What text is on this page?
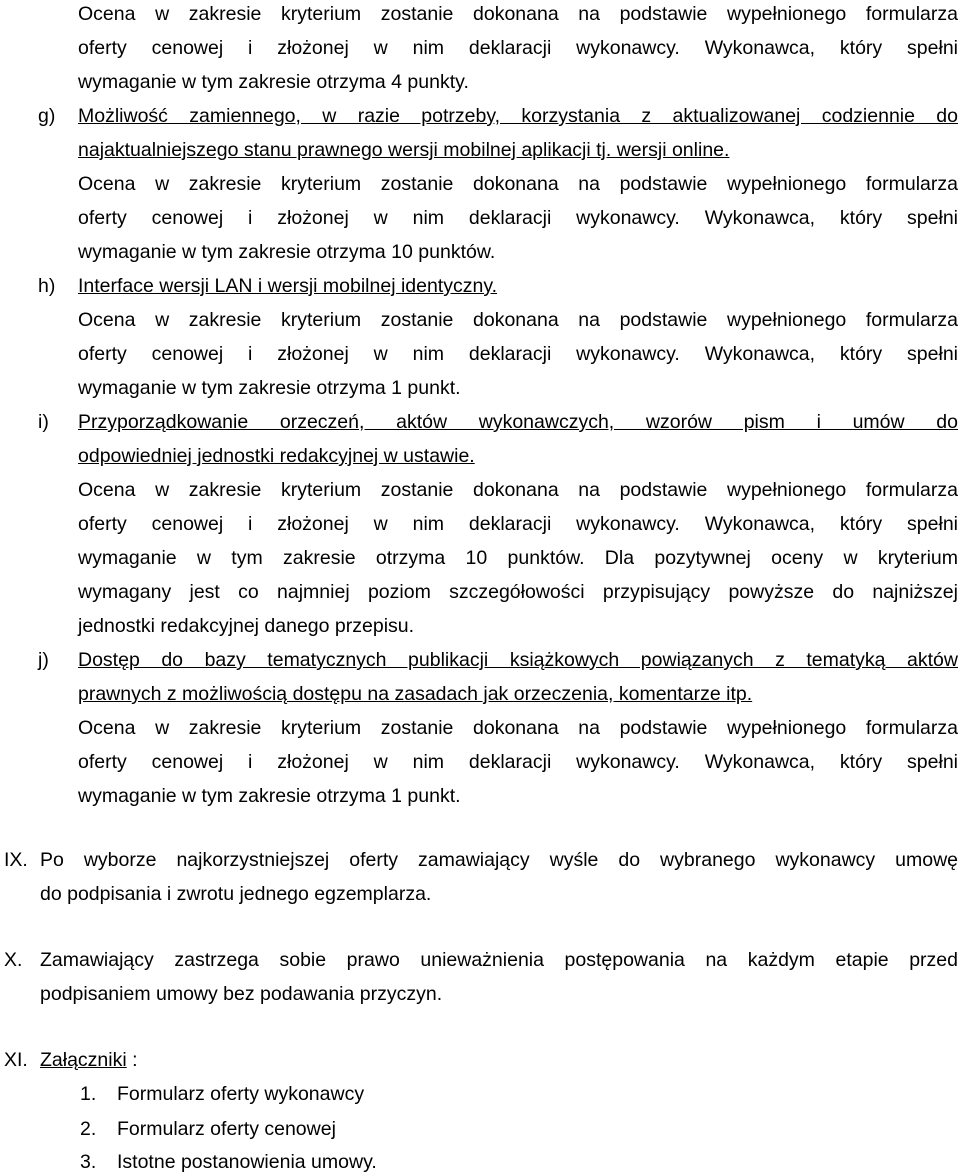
Ocena w zakresie kryterium zostanie dokonana na podstawie wypełnionego formularza
oferty cenowej i złożonej w nim deklaracji wykonawcy. Wykonawca, który spełni
wymaganie w tym zakresie otrzyma 4 punkty.
g) Możliwość zamiennego, w razie potrzeby, korzystania z aktualizowanej codziennie do
najaktualniejszego stanu prawnego wersji mobilnej aplikacji tj. wersji online.
Ocena w zakresie kryterium zostanie dokonana na podstawie wypełnionego formularza
oferty cenowej i złożonej w nim deklaracji wykonawcy. Wykonawca, który spełni
wymaganie w tym zakresie otrzyma 10 punktów.
h) Interface wersji LAN i wersji mobilnej identyczny.
Ocena w zakresie kryterium zostanie dokonana na podstawie wypełnionego formularza
oferty cenowej i złożonej w nim deklaracji wykonawcy. Wykonawca, który spełni
wymaganie w tym zakresie otrzyma 1 punkt.
i) Przyporządkowanie orzeczeń, aktów wykonawczych, wzorów pism i umów do
odpowiedniej jednostki redakcyjnej w ustawie.
Ocena w zakresie kryterium zostanie dokonana na podstawie wypełnionego formularza
oferty cenowej i złożonej w nim deklaracji wykonawcy. Wykonawca, który spełni
wymaganie w tym zakresie otrzyma 10 punktów. Dla pozytywnej oceny w kryterium
wymagany jest co najmniej poziom szczegółowości przypisujący powyższe do najniższej
jednostki redakcyjnej danego przepisu.
j) Dostęp do bazy tematycznych publikacji książkowych powiązanych z tematyką aktów
prawnych z możliwością dostępu na zasadach jak orzeczenia, komentarze itp.
Ocena w zakresie kryterium zostanie dokonana na podstawie wypełnionego formularza
oferty cenowej i złożonej w nim deklaracji wykonawcy. Wykonawca, który spełni
wymaganie w tym zakresie otrzyma 1 punkt.
IX. Po wyborze najkorzystniejszej oferty zamawiający wyśle do wybranego wykonawcy umowę
do podpisania i zwrotu jednego egzemplarza.
X. Zamawiający zastrzega sobie prawo unieważnienia postępowania na każdym etapie przed
podpisaniem umowy bez podawania przyczyn.
XI. Załączniki :
1. Formularz oferty wykonawcy
2. Formularz oferty cenowej
3. Istotne postanowienia umowy.
